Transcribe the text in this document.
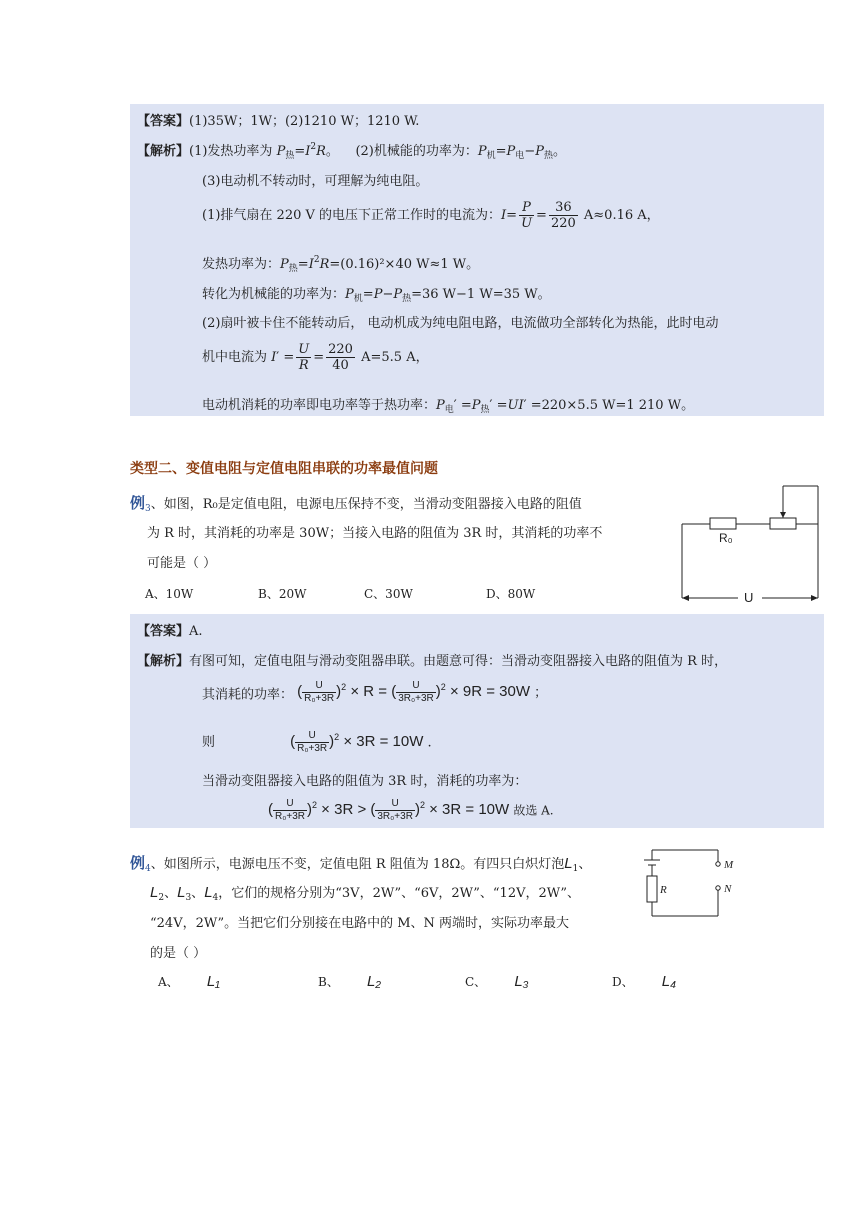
【答案】(1)35W；1W；(2)1210 W；1210 W.
【解析】(1)发热功率为 $P_热=I^2R$。    (2)机械能的功率为：$P_机=P_电-P_热$。
(3)电动机不转动时，可理解为纯电阻。
(1)排气扇在 220 V 的电压下正常工作时的电流为：$I= \frac{P}{U} = \frac{36}{220} A\approx 0.16$ A，
发热功率为：$P_热=I^2R=(0.16)^2\times 40$ W≈1 W。
转化为机械能的功率为：$P_机=P-P_热=36$ W−1 W=35 W。
(2)扇叶被卡住不能转动后， 电动机成为纯电阻电路，电流做功全部转化为热能，此时电动
机中电流为 $I' = \frac{U}{R} = \frac{220}{40} A=5.5$ A，
电动机消耗的功率即电功率等于热功率：$P_电' =P_热' =UI' =220\times 5.5$ W=1 210 W。
类型二、变值电阻与定值电阻串联的功率最值问题
例$_3$、如图，R₀是定值电阻，电源电压保持不变，当滑动变阻器接入电路的阻值
为 R 时，其消耗的功率是 30W；当接入电路的阻值为 3R 时，其消耗的功率不
可能是（ ）
A、10W	B、20W	C、30W	D、80W	U
R₀
【答案】A.
【解析】有图可知，定值电阻与滑动变阻器串联。由题意可得：当滑动变阻器接入电路的阻值为 R 时，
其消耗的功率： ( $\frac{U}{\text{R₀+3R}} )^2 \times R$ = ( $\frac{U}{\text{3R₀+3R}} )^2 \times 9R = 30W$ ；
则	( $\frac{U}{\text{R₀+3R}} )^2 \times 3R = 10W$ .
当滑动变阻器接入电路的阻值为 3R 时，消耗的功率为：
( $\frac{U}{\text{R₀+3R}} )^2 \times 3R$ > ( $\frac{U}{\text{3R₀+3R}} )^2 \times 3R = 10W$ 故选 A.
例$_4$、如图所示，电源电压不变，定值电阻 R 阻值为 18Ω。有四只白炽灯泡$L_1$、
$L_2$、$L_3$、$L_4$，它们的规格分别为“3V，2W”、“6V，2W”、“12V，2W”、
“24V，2W”。当把它们分别接在电路中的 M、N 两端时，实际功率最大
的是（ ）
A、 L₁	B、 L₂	C、 L₃	D、 L₄
M
N
R
